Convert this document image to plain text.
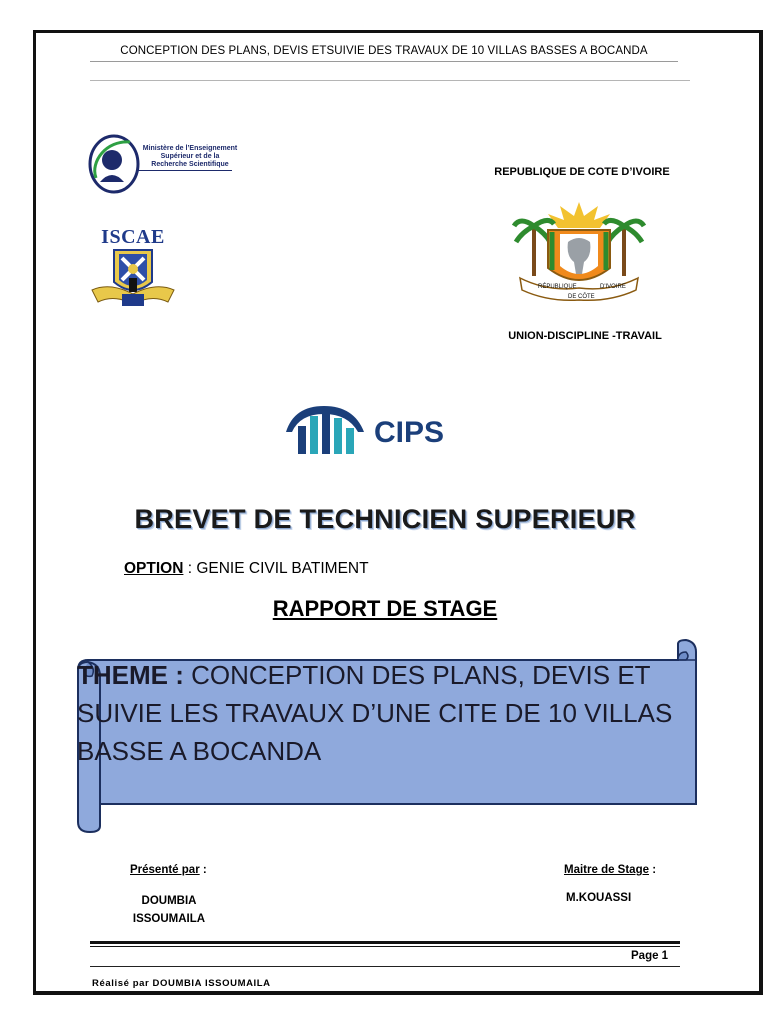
CONCEPTION DES PLANS, DEVIS ETSUIVIE DES TRAVAUX DE 10 VILLAS BASSES A BOCANDA
Ministère de l’Enseignement
Supérieur et de la
Recherche Scientifique
ISCAE
REPUBLIQUE DE COTE D’IVOIRE
RÉPUBLIQUE
DE CÔTE
D'IVOIRE
UNION-DISCIPLINE -TRAVAIL
CIPS
BREVET DE TECHNICIEN SUPERIEUR
OPTION : GENIE CIVIL BATIMENT
RAPPORT DE STAGE
THEME : CONCEPTION DES PLANS, DEVIS ET SUIVIE LES TRAVAUX D’UNE CITE DE 10 VILLAS BASSE A BOCANDA
Présenté par :
DOUMBIA
ISSOUMAILA
Maitre de Stage :
M.KOUASSI
Page 1
Réalisé par DOUMBIA ISSOUMAILA
